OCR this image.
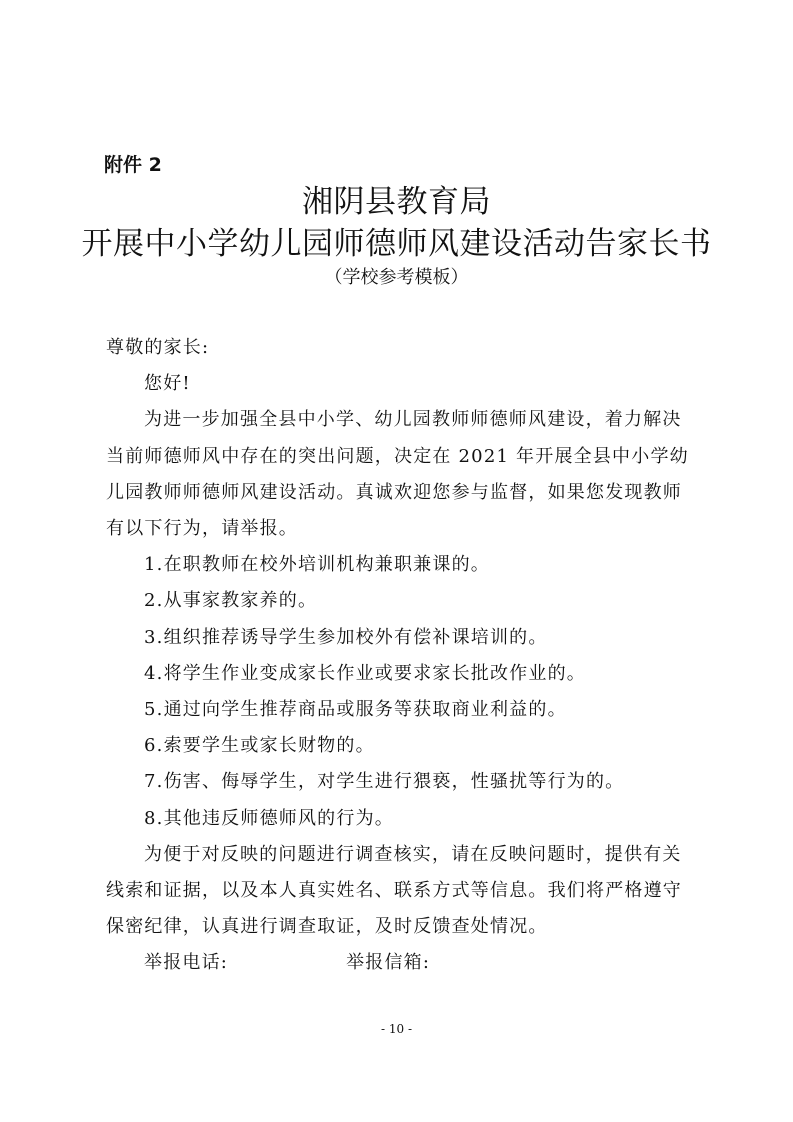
附件 2
湘阴县教育局
开展中小学幼儿园师德师风建设活动告家长书
（学校参考模板）

尊敬的家长:

您好!

为进一步加强全县中小学、幼儿园教师师德师风建设，着力解决当前师德师风中存在的突出问题，决定在 2021 年开展全县中小学幼儿园教师师德师风建设活动。真诚欢迎您参与监督，如果您发现教师有以下行为，请举报。

1.在职教师在校外培训机构兼职兼课的。

2.从事家教家养的。

3.组织推荐诱导学生参加校外有偿补课培训的。

4.将学生作业变成家长作业或要求家长批改作业的。

5.通过向学生推荐商品或服务等获取商业利益的。

6.索要学生或家长财物的。

7.伤害、侮辱学生，对学生进行猥亵，性骚扰等行为的。

8.其他违反师德师风的行为。

为便于对反映的问题进行调查核实，请在反映问题时，提供有关线索和证据，以及本人真实姓名、联系方式等信息。我们将严格遵守保密纪律，认真进行调查取证，及时反馈查处情况。

举报电话:	举报信箱:

- 10 -
